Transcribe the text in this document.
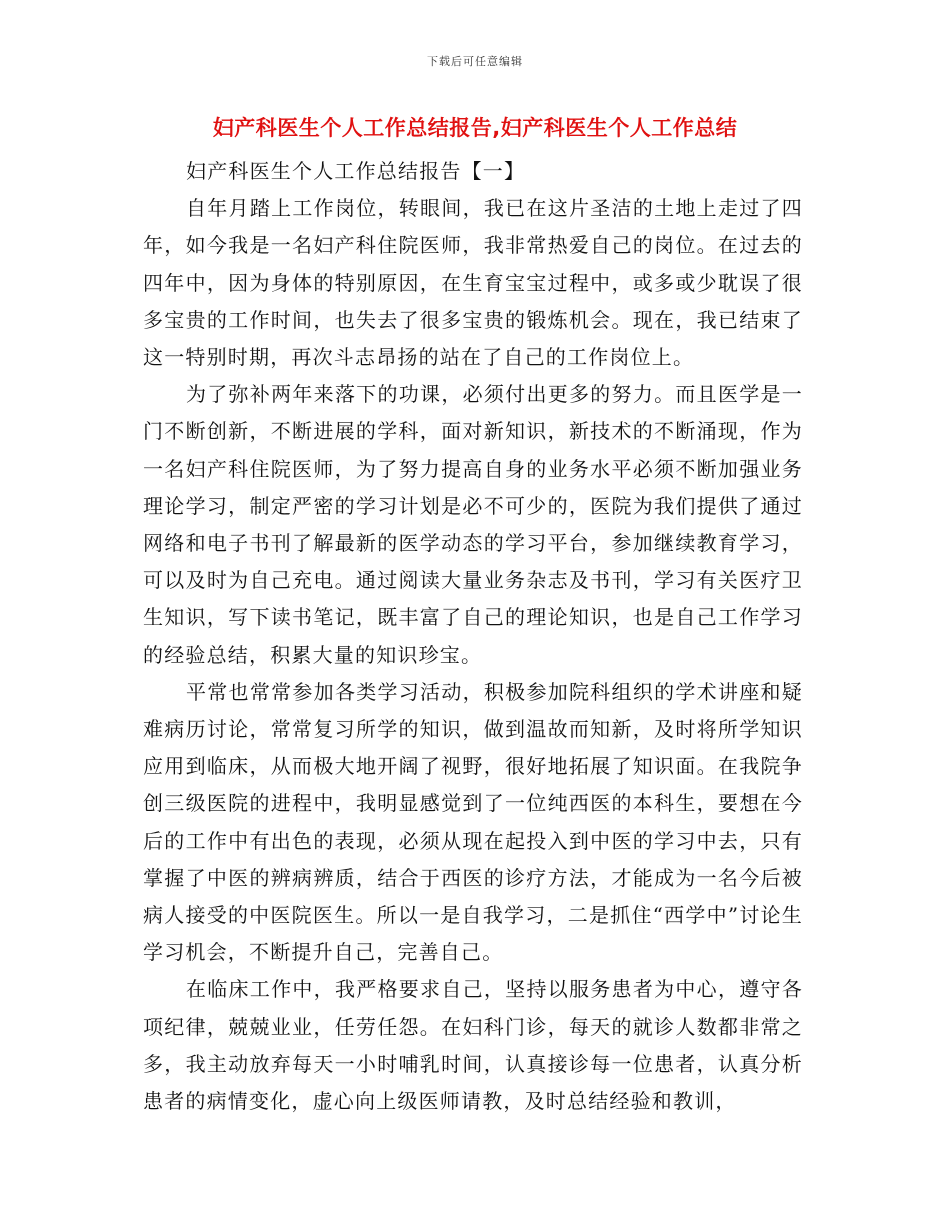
下载后可任意编辑
妇产科医生个人工作总结报告,妇产科医生个人工作总结

妇产科医生个人工作总结报告【一】

自年月踏上工作岗位，转眼间，我已在这片圣洁的土地上走过了四年，如今我是一名妇产科住院医师，我非常热爱自己的岗位。在过去的四年中，因为身体的特别原因，在生育宝宝过程中，或多或少耽误了很多宝贵的工作时间，也失去了很多宝贵的锻炼机会。现在，我已结束了这一特别时期，再次斗志昂扬的站在了自己的工作岗位上。

为了弥补两年来落下的功课，必须付出更多的努力。而且医学是一门不断创新，不断进展的学科，面对新知识，新技术的不断涌现，作为一名妇产科住院医师，为了努力提高自身的业务水平必须不断加强业务理论学习，制定严密的学习计划是必不可少的，医院为我们提供了通过网络和电子书刊了解最新的医学动态的学习平台，参加继续教育学习，可以及时为自己充电。通过阅读大量业务杂志及书刊，学习有关医疗卫生知识，写下读书笔记，既丰富了自己的理论知识，也是自己工作学习的经验总结，积累大量的知识珍宝。

平常也常常参加各类学习活动，积极参加院科组织的学术讲座和疑难病历讨论，常常复习所学的知识，做到温故而知新，及时将所学知识应用到临床，从而极大地开阔了视野，很好地拓展了知识面。在我院争创三级医院的进程中，我明显感觉到了一位纯西医的本科生，要想在今后的工作中有出色的表现，必须从现在起投入到中医的学习中去，只有掌握了中医的辨病辨质，结合于西医的诊疗方法，才能成为一名今后被病人接受的中医院医生。所以一是自我学习，二是抓住“西学中”讨论生学习机会，不断提升自己，完善自己。

在临床工作中，我严格要求自己，坚持以服务患者为中心，遵守各项纪律，兢兢业业，任劳任怨。在妇科门诊，每天的就诊人数都非常之多，我主动放弃每天一小时哺乳时间，认真接诊每一位患者，认真分析患者的病情变化，虚心向上级医师请教，及时总结经验和教训，
